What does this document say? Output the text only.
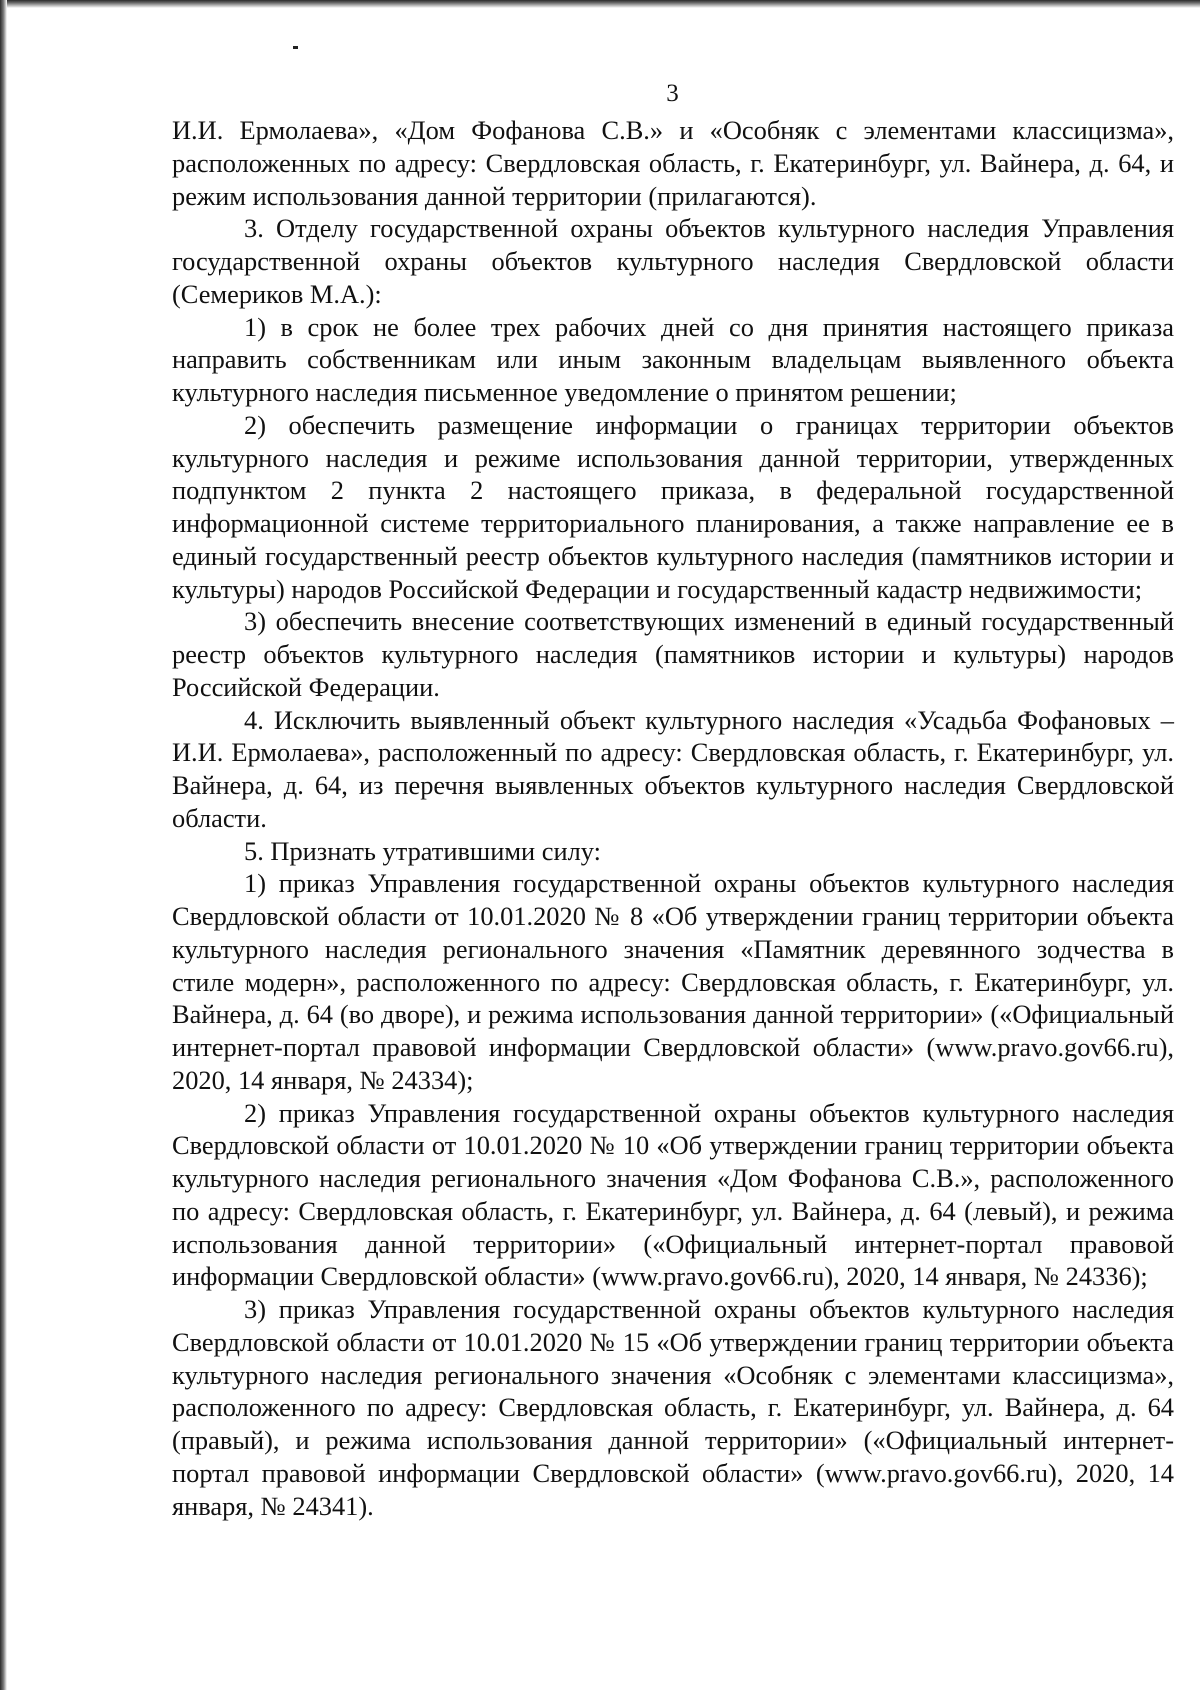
3

И.И. Ермолаева», «Дом Фофанова С.В.» и «Особняк с элементами классицизма», расположенных по адресу: Свердловская область, г. Екатеринбург, ул. Вайнера, д. 64, и режим использования данной территории (прилагаются).

3. Отделу государственной охраны объектов культурного наследия Управления государственной охраны объектов культурного наследия Свердловской области (Семериков М.А.):

1) в срок не более трех рабочих дней со дня принятия настоящего приказа направить собственникам или иным законным владельцам выявленного объекта культурного наследия письменное уведомление о принятом решении;

2) обеспечить размещение информации о границах территории объектов культурного наследия и режиме использования данной территории, утвержденных подпунктом 2 пункта 2 настоящего приказа, в федеральной государственной информационной системе территориального планирования, а также направление ее в единый государственный реестр объектов культурного наследия (памятников истории и культуры) народов Российской Федерации и государственный кадастр недвижимости;

3) обеспечить внесение соответствующих изменений в единый государственный реестр объектов культурного наследия (памятников истории и культуры) народов Российской Федерации.

4. Исключить выявленный объект культурного наследия «Усадьба Фофановых – И.И. Ермолаева», расположенный по адресу: Свердловская область, г. Екатеринбург, ул. Вайнера, д. 64, из перечня выявленных объектов культурного наследия Свердловской области.

5. Признать утратившими силу:

1) приказ Управления государственной охраны объектов культурного наследия Свердловской области от 10.01.2020 № 8 «Об утверждении границ территории объекта культурного наследия регионального значения «Памятник деревянного зодчества в стиле модерн», расположенного по адресу: Свердловская область, г. Екатеринбург, ул. Вайнера, д. 64 (во дворе), и режима использования данной территории» («Официальный интернет-портал правовой информации Свердловской области» (www.pravo.gov66.ru), 2020, 14 января, № 24334);

2) приказ Управления государственной охраны объектов культурного наследия Свердловской области от 10.01.2020 № 10 «Об утверждении границ территории объекта культурного наследия регионального значения «Дом Фофанова С.В.», расположенного по адресу: Свердловская область, г. Екатеринбург, ул. Вайнера, д. 64 (левый), и режима использования данной территории» («Официальный интернет-портал правовой информации Свердловской области» (www.pravo.gov66.ru), 2020, 14 января, № 24336);

3) приказ Управления государственной охраны объектов культурного наследия Свердловской области от 10.01.2020 № 15 «Об утверждении границ территории объекта культурного наследия регионального значения «Особняк с элементами классицизма», расположенного по адресу: Свердловская область, г. Екатеринбург, ул. Вайнера, д. 64 (правый), и режима использования данной территории» («Официальный интернет-портал правовой информации Свердловской области» (www.pravo.gov66.ru), 2020, 14 января, № 24341).
